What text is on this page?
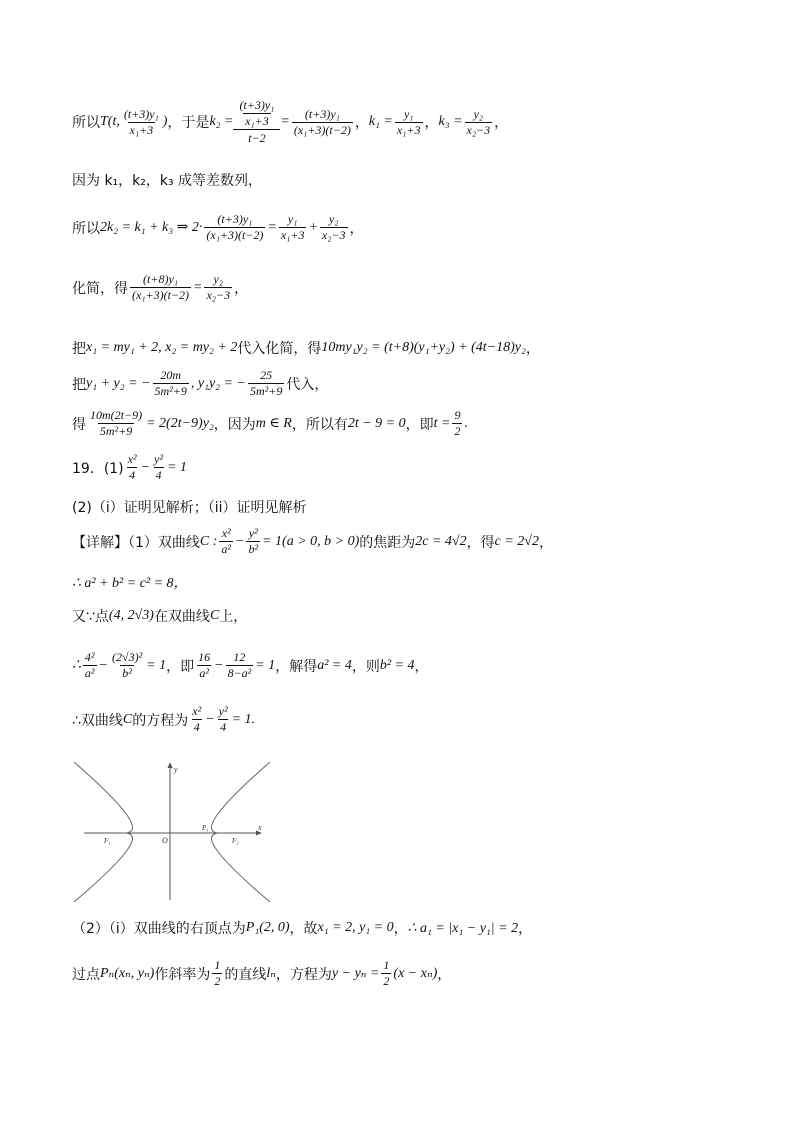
所以 T(t, $\frac{\text{(t+3)y₁}}{\text{x₁+3}}$ ) ，于是 $k_2 = \frac{\frac{\text{(t+3)y₁}}{\text{x₁+3}}}{t-2} = \frac{\text{(t+3)y₁}}{\text{(x₁+3)(t−2)}}$ ， $k_1 = \frac{\text{y₁}}{\text{x₁+3}}$ ， $k_3 = \frac{\text{y₂}}{\text{x₂−3}}$ ，
因为 k₁，k₂，k₃ 成等差数列，
所以 2k₂ = k₁ + k₃ ⇒ $2\cdot \frac{\text{(t+3)y₁}}{\text{(x₁+3)(t−2)}} = \frac{\text{y₁}}{\text{x₁+3}} + \frac{\text{y₂}}{\text{x₂−3}}$ ，
化简，得 $\frac{\text{(t+8)y₁}}{\text{(x₁+3)(t−2)}} = \frac{\text{y₂}}{\text{x₂−3}}$ ，
把 x₁ = my₁ + 2, x₂ = my₂ + 2 代入化简，得 10my₁y₂ = (t+8)(y₁+y₂) + (4t−18)y₂ ，
把 y₁ + y₂ = − $\frac{20m}{\text{5m²+9}}$ , y₁y₂ = − $\frac{25}{\text{5m²+9}}$ 代入，
得 $\frac{10m(2t-9)}{\text{5m²+9}} = 2(2t-9)y_2$ ，因为 m ∈ R ，所以有 2t − 9 = 0 ，即 $t = \frac{9}{2}$ .
19．$(1) \frac{\text{x²}}{4} - \frac{\text{y²}}{4} = 1$
(2)（i）证明见解析；（ii）证明见解析
【详解】（1）双曲线 C : $\frac{\text{x²}}{\text{a²}} - \frac{\text{y²}}{\text{b²}} = 1(a > 0$, b > 0) 的焦距为 2c = 4√2 ，得 c = 2√2 ，
∴ a² + b² = c² = 8，
又∵点 (4, 2√3) 在双曲线 C 上，
∴ $\frac{\text{4²}}{\text{a²}} - \frac{\text{(2√3)²}}{\text{b²}} = 1$ ，即 $\frac{16}{\text{a²}} - \frac{12}{\text{8−a²}} = 1$ ，解得 a² = 4 ，则 b² = 4 ，
∴双曲线 C 的方程为 $\frac{\text{x²}}{4} - \frac{\text{y²}}{4} = 1$ .
y
x
O
P₁
F₁	F₂
（2）（i）双曲线的右顶点为 P₁(2, 0) ，故 x₁ = 2, y₁ = 0 ， ∴ a₁ = |x₁ − y₁| = 2 ，
过点 Pₙ(xₙ, yₙ) 作斜率为 $\frac{1}{2}$ 的直线 lₙ ，方程为 $y - y_n = \frac{1}{2} (x - x_n)$ ，
